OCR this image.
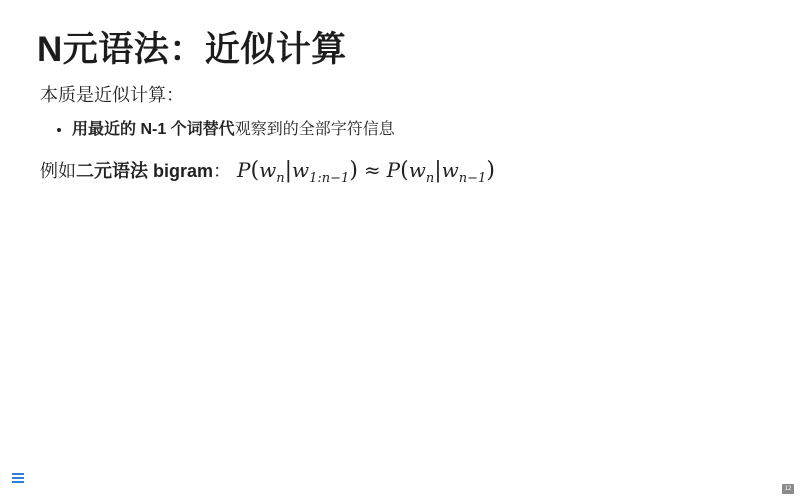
N元语法：近似计算
本质是近似计算：
• 用最近的 N-1 个词替代观察到的全部字符信息
例如 二元语法 bigram ： $P(w_n|w_{1:n-1}) \approx P(w_n|w_{n-1})$
12
